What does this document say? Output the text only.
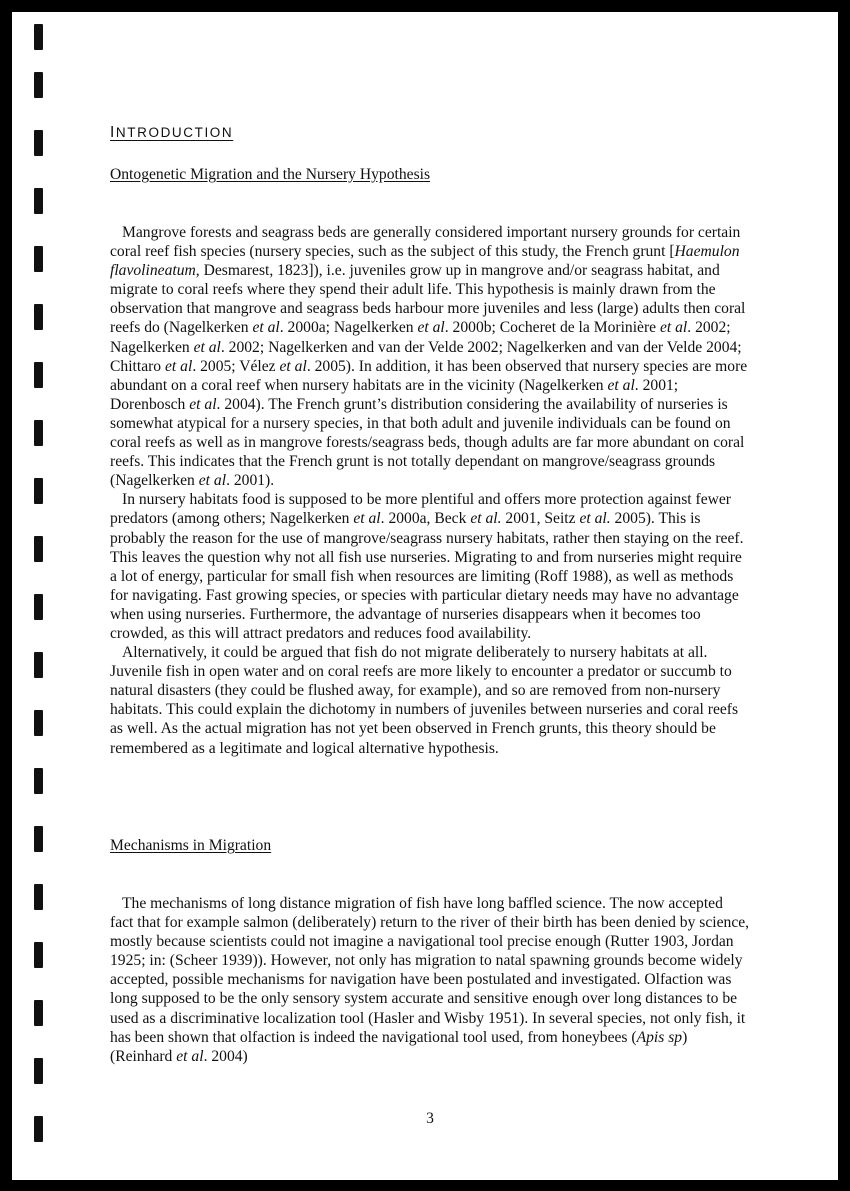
INTRODUCTION
Ontogenetic Migration and the Nursery Hypothesis

Mangrove forests and seagrass beds are generally considered important nursery grounds for certain coral reef fish species (nursery species, such as the subject of this study, the French grunt [Haemulon flavolineatum, Desmarest, 1823]), i.e. juveniles grow up in mangrove and/or seagrass habitat, and migrate to coral reefs where they spend their adult life. This hypothesis is mainly drawn from the observation that mangrove and seagrass beds harbour more juveniles and less (large) adults then coral reefs do (Nagelkerken et al. 2000a; Nagelkerken et al. 2000b; Cocheret de la Morinière et al. 2002; Nagelkerken et al. 2002; Nagelkerken and van der Velde 2002; Nagelkerken and van der Velde 2004; Chittaro et al. 2005; Vélez et al. 2005). In addition, it has been observed that nursery species are more abundant on a coral reef when nursery habitats are in the vicinity (Nagelkerken et al. 2001; Dorenbosch et al. 2004). The French grunt’s distribution considering the availability of nurseries is somewhat atypical for a nursery species, in that both adult and juvenile individuals can be found on coral reefs as well as in mangrove forests/seagrass beds, though adults are far more abundant on coral reefs. This indicates that the French grunt is not totally dependant on mangrove/seagrass grounds (Nagelkerken et al. 2001).

In nursery habitats food is supposed to be more plentiful and offers more protection against fewer predators (among others; Nagelkerken et al. 2000a, Beck et al. 2001, Seitz et al. 2005). This is probably the reason for the use of mangrove/seagrass nursery habitats, rather then staying on the reef. This leaves the question why not all fish use nurseries. Migrating to and from nurseries might require a lot of energy, particular for small fish when resources are limiting (Roff 1988), as well as methods for navigating. Fast growing species, or species with particular dietary needs may have no advantage when using nurseries. Furthermore, the advantage of nurseries disappears when it becomes too crowded, as this will attract predators and reduces food availability.

Alternatively, it could be argued that fish do not migrate deliberately to nursery habitats at all. Juvenile fish in open water and on coral reefs are more likely to encounter a predator or succumb to natural disasters (they could be flushed away, for example), and so are removed from non-nursery habitats. This could explain the dichotomy in numbers of juveniles between nurseries and coral reefs as well. As the actual migration has not yet been observed in French grunts, this theory should be remembered as a legitimate and logical alternative hypothesis.

Mechanisms in Migration

The mechanisms of long distance migration of fish have long baffled science. The now accepted fact that for example salmon (deliberately) return to the river of their birth has been denied by science, mostly because scientists could not imagine a navigational tool precise enough (Rutter 1903, Jordan 1925; in: (Scheer 1939)). However, not only has migration to natal spawning grounds become widely accepted, possible mechanisms for navigation have been postulated and investigated. Olfaction was long supposed to be the only sensory system accurate and sensitive enough over long distances to be used as a discriminative localization tool (Hasler and Wisby 1951). In several species, not only fish, it has been shown that olfaction is indeed the navigational tool used, from honeybees (Apis sp) (Reinhard et al. 2004)

3
